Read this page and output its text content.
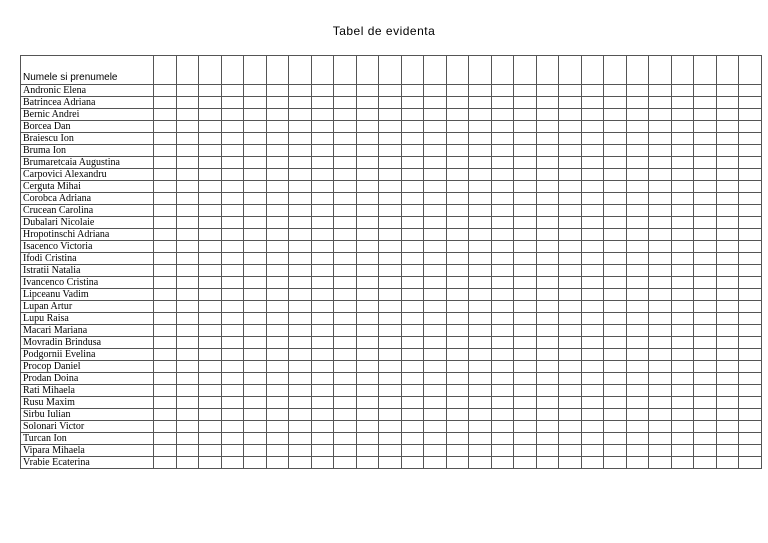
Tabel de evidenta
Numele si prenumele																											
Andronic Elena																											
Batrincea Adriana																											
Bernic Andrei																											
Borcea Dan																											
Braiescu Ion																											
Bruma Ion																											
Brumaretcaia Augustina																											
Carpovici Alexandru																											
Cerguta Mihai																											
Corobca Adriana																											
Crucean Carolina																											
Dubalari Nicolaie																											
Hropotinschi Adriana																											
Isacenco Victoria																											
Ifodi Cristina																											
Istratii Natalia																											
Ivancenco Cristina																											
Lipceanu Vadim																											
Lupan Artur																											
Lupu Raisa																											
Macari Mariana																											
Movradin Brindusa																											
Podgornii Evelina																											
Procop Daniel																											
Prodan Doina																											
Rati Mihaela																											
Rusu Maxim																											
Sirbu Iulian																											
Solonari Victor																											
Turcan Ion																											
Vipara Mihaela																											
Vrabie Ecaterina																											
